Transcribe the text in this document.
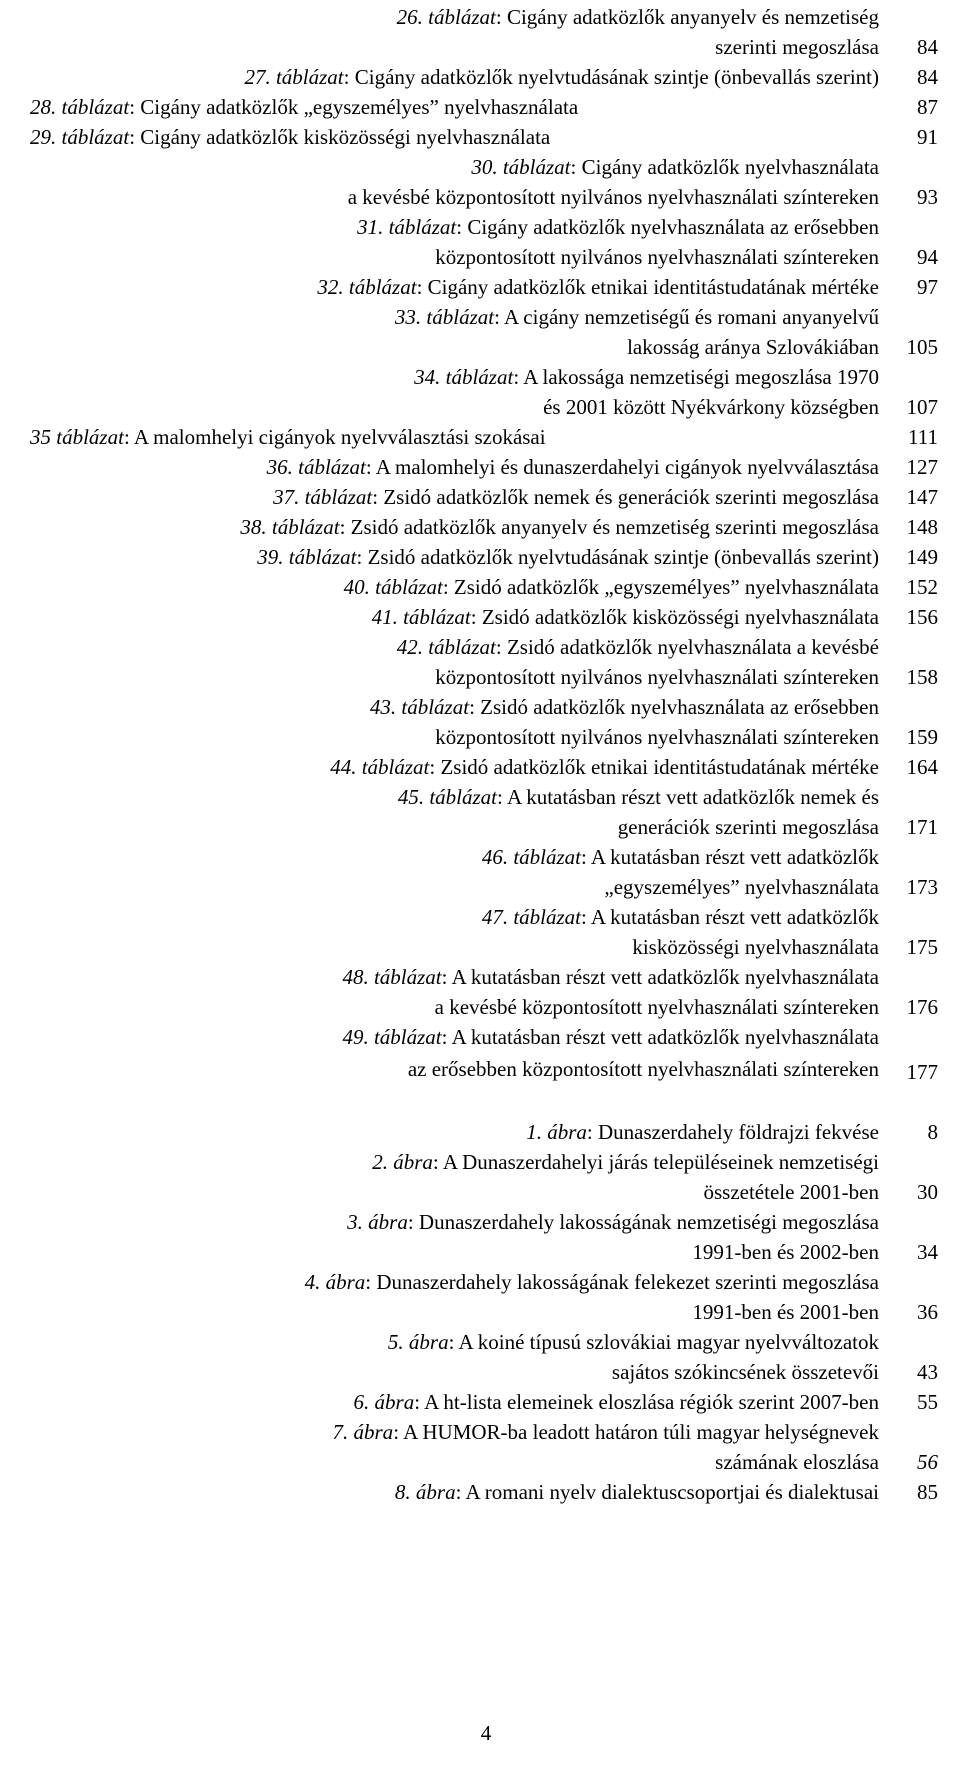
26. táblázat: Cigány adatközlők anyanyelv és nemzetiség
szerinti megoszlása	84
27. táblázat: Cigány adatközlők nyelvtudásának szintje (önbevallás szerint)	84
28. táblázat: Cigány adatközlők „egyszemélyes” nyelvhasználata	87
29. táblázat: Cigány adatközlők kisközösségi nyelvhasználata	91
30. táblázat: Cigány adatközlők nyelvhasználata
a kevésbé központosított nyilvános nyelvhasználati színtereken	93
31. táblázat: Cigány adatközlők nyelvhasználata az erősebben
központosított nyilvános nyelvhasználati színtereken	94
32. táblázat: Cigány adatközlők etnikai identitástudatának mértéke	97
33. táblázat: A cigány nemzetiségű és romani anyanyelvű
lakosság aránya Szlovákiában	105
34. táblázat: A lakossága nemzetiségi megoszlása 1970
és 2001 között Nyékvárkony községben	107
35 táblázat: A malomhelyi cigányok nyelvválasztási szokásai	111
36. táblázat: A malomhelyi és dunaszerdahelyi cigányok nyelvválasztása	127
37. táblázat: Zsidó adatközlők nemek és generációk szerinti megoszlása	147
38. táblázat: Zsidó adatközlők anyanyelv és nemzetiség szerinti megoszlása	148
39. táblázat: Zsidó adatközlők nyelvtudásának szintje (önbevallás szerint)	149
40. táblázat: Zsidó adatközlők „egyszemélyes” nyelvhasználata	152
41. táblázat: Zsidó adatközlők kisközösségi nyelvhasználata	156
42. táblázat: Zsidó adatközlők nyelvhasználata a kevésbé
központosított nyilvános nyelvhasználati színtereken	158
43. táblázat: Zsidó adatközlők nyelvhasználata az erősebben
központosított nyilvános nyelvhasználati színtereken	159
44. táblázat: Zsidó adatközlők etnikai identitástudatának mértéke	164
45. táblázat: A kutatásban részt vett adatközlők nemek és
generációk szerinti megoszlása	171
46. táblázat: A kutatásban részt vett adatközlők
„egyszemélyes” nyelvhasználata	173
47. táblázat: A kutatásban részt vett adatközlők
kisközösségi nyelvhasználata	175
48. táblázat: A kutatásban részt vett adatközlők nyelvhasználata
a kevésbé központosított nyelvhasználati színtereken	176
49. táblázat: A kutatásban részt vett adatközlők nyelvhasználata
az erősebben központosított nyelvhasználati színtereken	177
1. ábra: Dunaszerdahely földrajzi fekvése	8
2. ábra: A Dunaszerdahelyi járás településeinek nemzetiségi
összetétele 2001-ben	30
3. ábra: Dunaszerdahely lakosságának nemzetiségi megoszlása
1991-ben és 2002-ben	34
4. ábra: Dunaszerdahely lakosságának felekezet szerinti megoszlása
1991-ben és 2001-ben	36
5. ábra: A koiné típusú szlovákiai magyar nyelvváltozatok
sajátos szókincsének összetevői	43
6. ábra: A ht-lista elemeinek eloszlása régiók szerint 2007-ben	55
7. ábra: A HUMOR-ba leadott határon túli magyar helységnevek
számának eloszlása	56
8. ábra: A romani nyelv dialektuscsoportjai és dialektusai	85
4
